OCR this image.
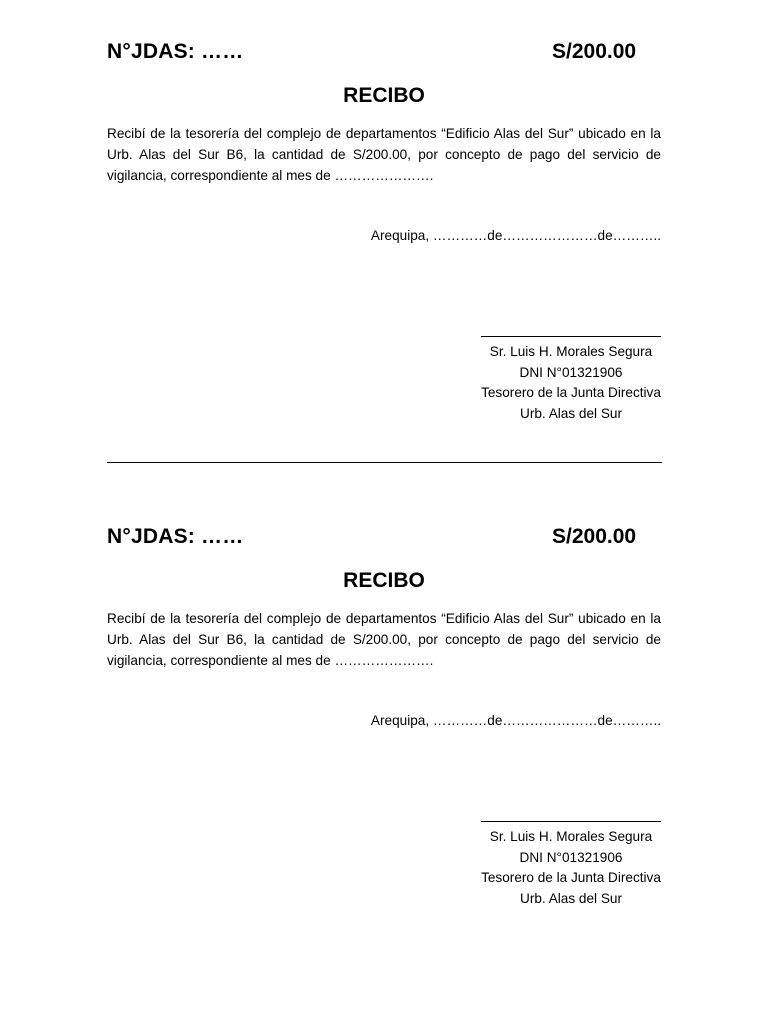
N°JDAS: ……	S/200.00
RECIBO

Recibí de la tesorería del complejo de departamentos “Edificio Alas del Sur” ubicado en la Urb. Alas del Sur B6, la cantidad de S/200.00, por concepto de pago del servicio de vigilancia, correspondiente al mes de ………………….

Arequipa, …………de…………………de………..
Sr. Luis H. Morales Segura
DNI N°01321906
Tesorero de la Junta Directiva
Urb. Alas del Sur
N°JDAS: ……	S/200.00
RECIBO

Recibí de la tesorería del complejo de departamentos “Edificio Alas del Sur” ubicado en la Urb. Alas del Sur B6, la cantidad de S/200.00, por concepto de pago del servicio de vigilancia, correspondiente al mes de ………………….

Arequipa, …………de…………………de………..
Sr. Luis H. Morales Segura
DNI N°01321906
Tesorero de la Junta Directiva
Urb. Alas del Sur
